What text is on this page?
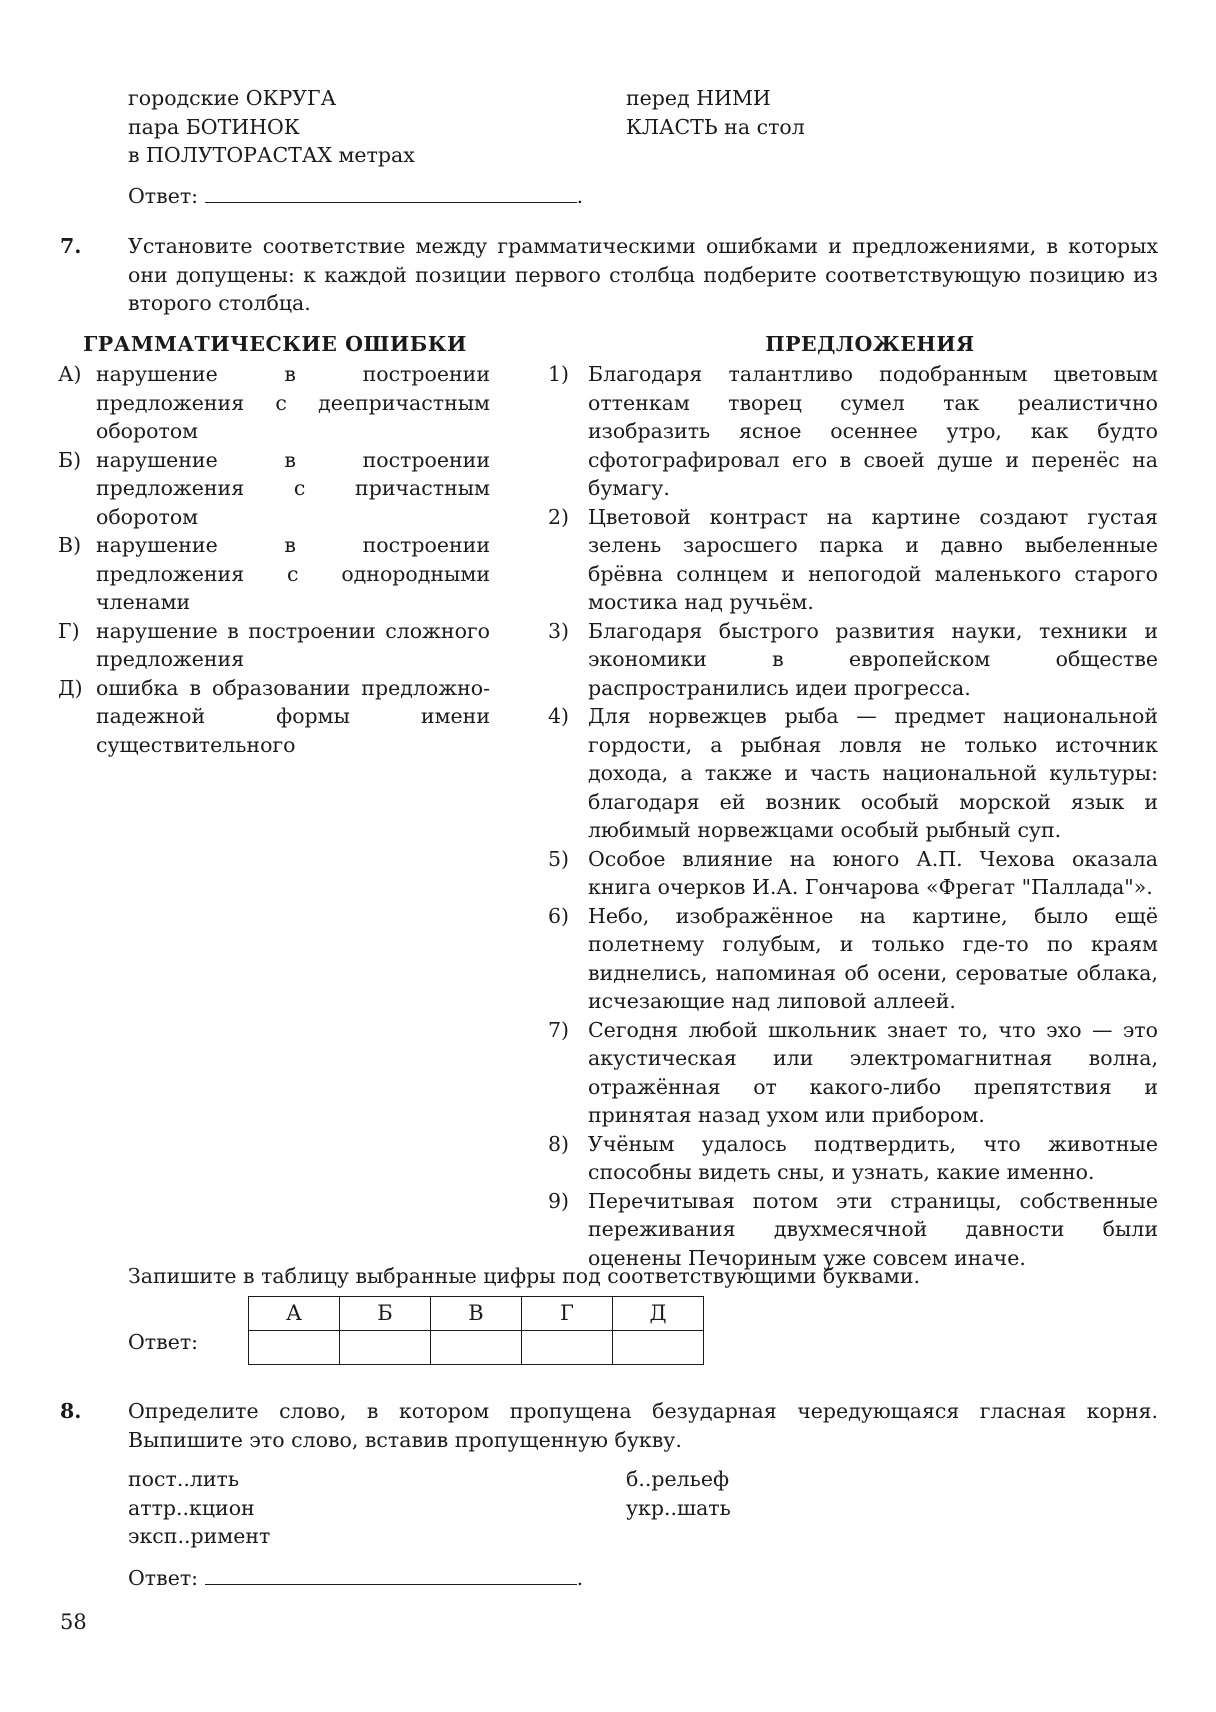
городские ОКРУГА
пара БОТИНОК
в ПОЛУТОРАСТАХ метрах
перед НИМИ
КЛАСТЬ на стол
Ответ:	.
7. Установите соответствие между грамматическими ошибками и предложениями, в которых они допущены: к каждой позиции первого столбца подберите соответствующую позицию из второго столбца.
ГРАММАТИЧЕСКИЕ ОШИБКИ	ПРЕДЛОЖЕНИЯ
А) нарушение в построении предложения с деепричастным оборотом
Б) нарушение в построении предложения с причастным оборотом
В) нарушение в построении предложения с однородными членами
Г) нарушение в построении сложного предложения
Д) ошибка в образовании предложно-падежной формы имени существительного
1) Благодаря талантливо подобранным цветовым оттенкам творец сумел так реалистично изобразить ясное осеннее утро, как будто сфотографировал его в своей душе и перенёс на бумагу.
2) Цветовой контраст на картине создают густая зелень заросшего парка и давно выбеленные брёвна солнцем и непогодой маленького старого мостика над ручьём.
3) Благодаря быстрого развития науки, техники и экономики в европейском обществе распространились идеи прогресса.
4) Для норвежцев рыба — предмет национальной гордости, а рыбная ловля не только источник дохода, а также и часть национальной культуры: благодаря ей возник особый морской язык и любимый норвежцами особый рыбный суп.
5) Особое влияние на юного А.П. Чехова оказала книга очерков И.А. Гончарова «Фрегат "Паллада"».
6) Небо, изображённое на картине, было ещё полетнему голубым, и только где-то по краям виднелись, напоминая об осени, сероватые облака, исчезающие над липовой аллеей.
7) Сегодня любой школьник знает то, что эхо — это акустическая или электромагнитная волна, отражённая от какого-либо препятствия и принятая назад ухом или прибором.
8) Учёным удалось подтвердить, что животные способны видеть сны, и узнать, какие именно.
9) Перечитывая потом эти страницы, собственные переживания двухмесячной давности были оценены Печориным уже совсем иначе.
Запишите в таблицу выбранные цифры под соответствующими буквами.
Ответ:
А	Б	В	Г	Д

8. Определите слово, в котором пропущена безударная чередующаяся гласная корня. Выпишите это слово, вставив пропущенную букву.
пост..лить
аттр..кцион
эксп..римент
б..рельеф
укр..шать
Ответ:	.
58
